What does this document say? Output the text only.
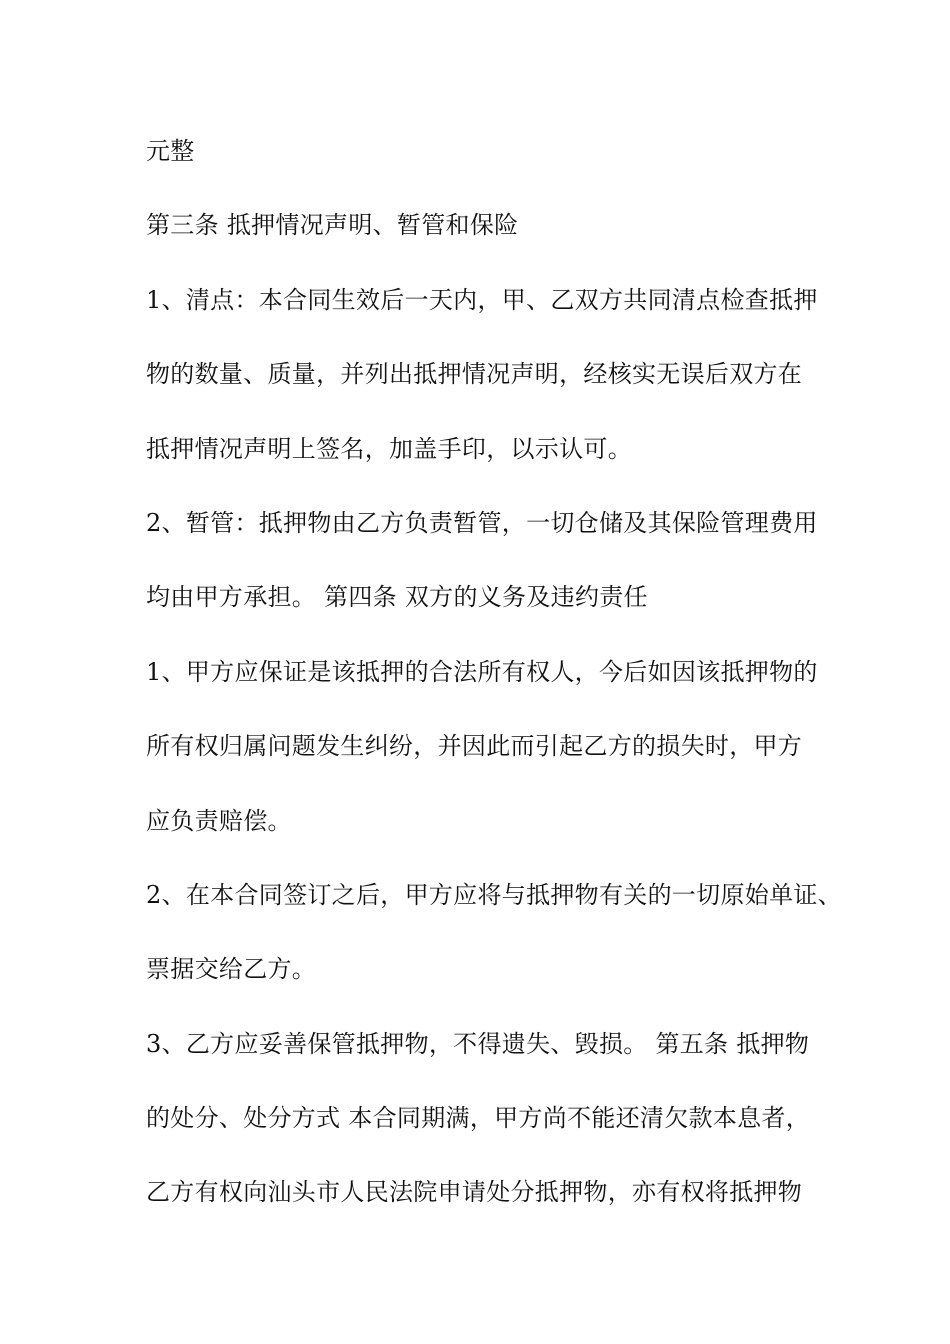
元整
第三条 抵押情况声明、暂管和保险
1、清点：本合同生效后一天内，甲、乙双方共同清点检查抵押
物的数量、质量，并列出抵押情况声明，经核实无误后双方在
抵押情况声明上签名，加盖手印，以示认可。
2、暂管：抵押物由乙方负责暂管，一切仓储及其保险管理费用
均由甲方承担。 第四条 双方的义务及违约责任
1、甲方应保证是该抵押的合法所有权人，今后如因该抵押物的
所有权归属问题发生纠纷，并因此而引起乙方的损失时，甲方
应负责赔偿。
2、在本合同签订之后，甲方应将与抵押物有关的一切原始单证、
票据交给乙方。
3、乙方应妥善保管抵押物，不得遗失、毁损。 第五条 抵押物
的处分、处分方式 本合同期满，甲方尚不能还清欠款本息者，
乙方有权向汕头市人民法院申请处分抵押物，亦有权将抵押物
